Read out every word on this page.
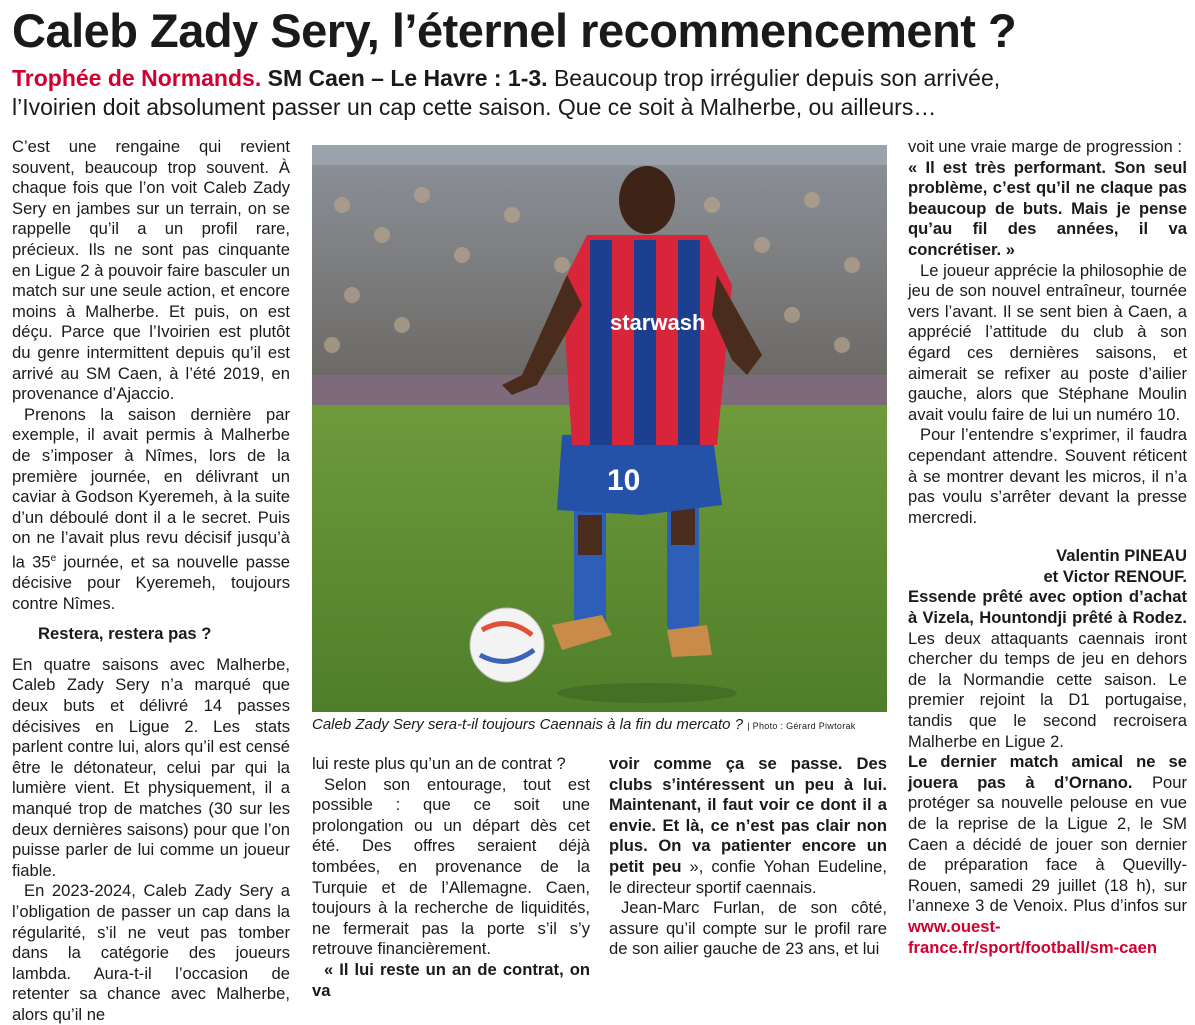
Caleb Zady Sery, l’éternel recommencement ?
Trophée de Normands. SM Caen – Le Havre : 1-3. Beaucoup trop irrégulier depuis son arrivée,
l’Ivoirien doit absolument passer un cap cette saison. Que ce soit à Malherbe, ou ailleurs…

C’est une rengaine qui revient souvent, beaucoup trop souvent. À chaque fois que l’on voit Caleb Zady Sery en jambes sur un terrain, on se rappelle qu’il a un profil rare, précieux. Ils ne sont pas cinquante en Ligue 2 à pouvoir faire basculer un match sur une seule action, et encore moins à Malherbe. Et puis, on est déçu. Parce que l’Ivoirien est plutôt du genre intermittent depuis qu’il est arrivé au SM Caen, à l’été 2019, en provenance d’Ajaccio.

Prenons la saison dernière par exemple, il avait permis à Malherbe de s’imposer à Nîmes, lors de la première journée, en délivrant un caviar à Godson Kyeremeh, à la suite d’un déboulé dont il a le secret. Puis on ne l’avait plus revu décisif jusqu’à la 35e journée, et sa nouvelle passe décisive pour Kyeremeh, toujours contre Nîmes.

Restera, restera pas ?

En quatre saisons avec Malherbe, Caleb Zady Sery n’a marqué que deux buts et délivré 14 passes décisives en Ligue 2. Les stats parlent contre lui, alors qu’il est censé être le détonateur, celui par qui la lumière vient. Et physiquement, il a manqué trop de matches (30 sur les deux dernières saisons) pour que l’on puisse parler de lui comme un joueur fiable.

En 2023-2024, Caleb Zady Sery a l’obligation de passer un cap dans la régularité, s’il ne veut pas tomber dans la catégorie des joueurs lambda. Aura-t-il l’occasion de retenter sa chance avec Malherbe, alors qu’il ne

starwash
10
Caleb Zady Sery sera-t-il toujours Caennais à la fin du mercato ? | Photo : Gérard Piwtorak

lui reste plus qu’un an de contrat ?

Selon son entourage, tout est possible : que ce soit une prolongation ou un départ dès cet été. Des offres seraient déjà tombées, en provenance de la Turquie et de l’Allemagne. Caen, toujours à la recherche de liquidités, ne fermerait pas la porte s’il s’y retrouve financièrement.

« Il lui reste un an de contrat, on va

voir comme ça se passe. Des clubs s’intéressent un peu à lui. Maintenant, il faut voir ce dont il a envie. Et là, ce n’est pas clair non plus. On va patienter encore un petit peu », confie Yohan Eudeline, le directeur sportif caennais.

Jean-Marc Furlan, de son côté, assure qu’il compte sur le profil rare de son ailier gauche de 23 ans, et lui

voit une vraie marge de progression :

« Il est très performant. Son seul problème, c’est qu’il ne claque pas beaucoup de buts. Mais je pense qu’au fil des années, il va concrétiser. »

Le joueur apprécie la philosophie de jeu de son nouvel entraîneur, tournée vers l’avant. Il se sent bien à Caen, a apprécié l’attitude du club à son égard ces dernières saisons, et aimerait se refixer au poste d’ailier gauche, alors que Stéphane Moulin avait voulu faire de lui un numéro 10.

Pour l’entendre s’exprimer, il faudra cependant attendre. Souvent réticent à se montrer devant les micros, il n’a pas voulu s’arrêter devant la presse mercredi.

Valentin PINEAU
et Victor RENOUF.

Essende prêté avec option d’achat à Vizela, Hountondji prêté à Rodez. Les deux attaquants caennais iront chercher du temps de jeu en dehors de la Normandie cette saison. Le premier rejoint la D1 portugaise, tandis que le second recroisera Malherbe en Ligue 2.

Le dernier match amical ne se jouera pas à d’Ornano. Pour protéger sa nouvelle pelouse en vue de la reprise de la Ligue 2, le SM Caen a décidé de jouer son dernier de préparation face à Quevilly-Rouen, samedi 29 juillet (18 h), sur l’annexe 3 de Venoix. Plus d’infos sur www.ouest-france.fr/sport/football/sm-caen
